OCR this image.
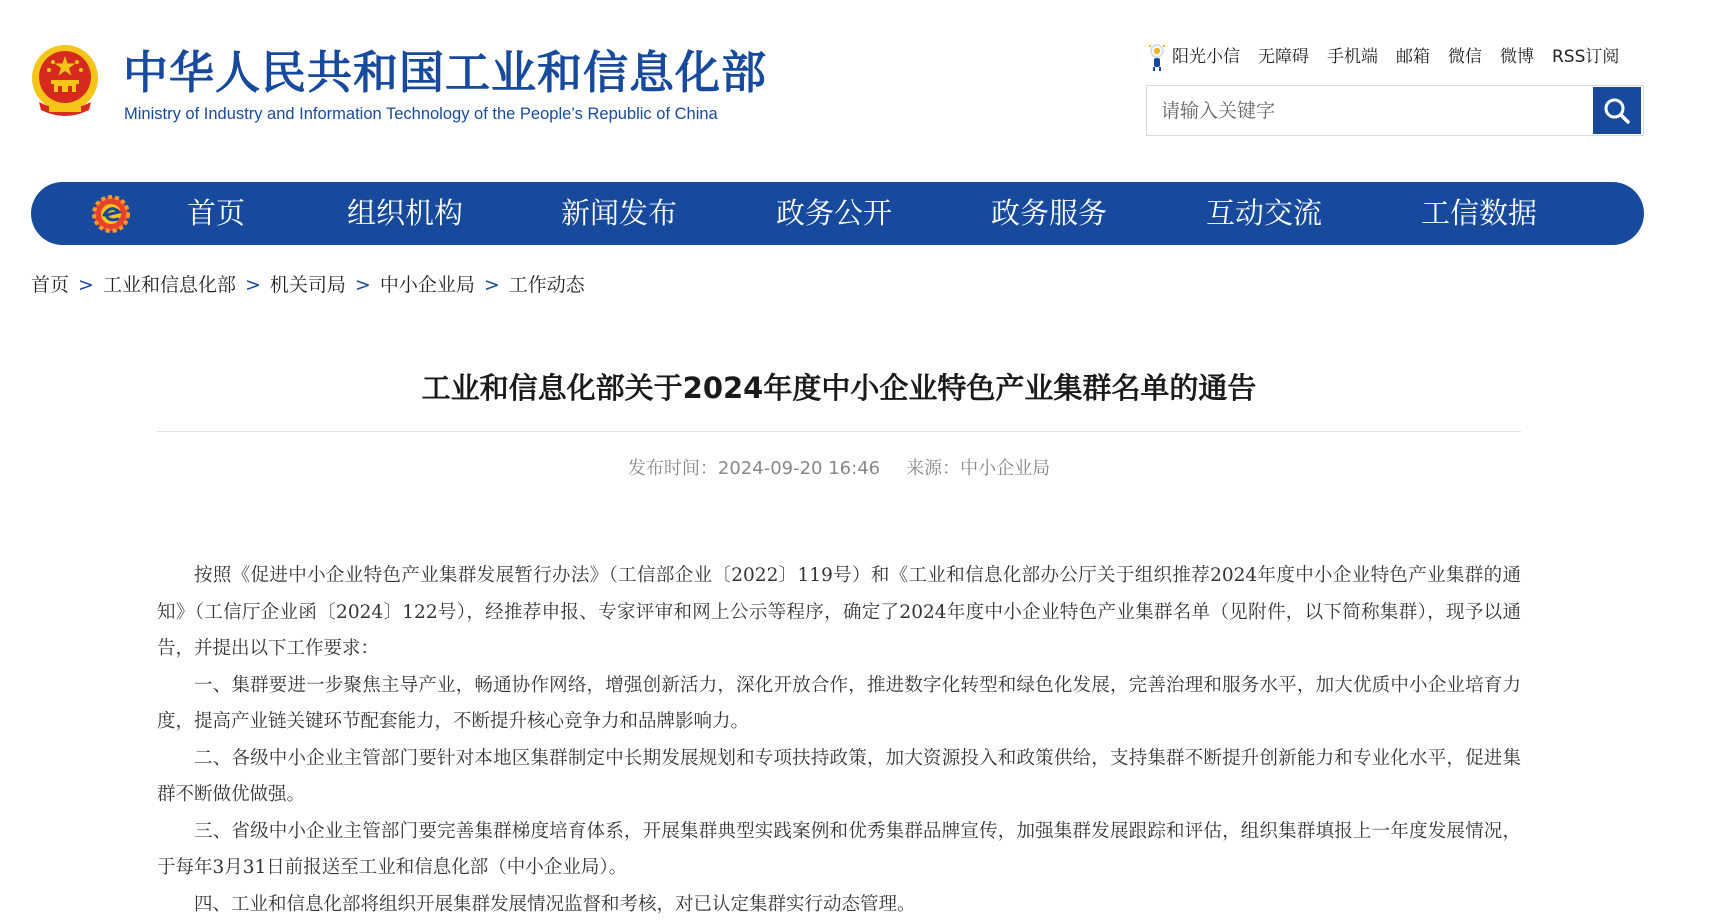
中华人民共和国工业和信息化部
Ministry of Industry and Information Technology of the People’s Republic of China
阳光小信 无障碍 手机端 邮箱 微信 微博 RSS订阅
请输入关键字
首页	组织机构	新闻发布	政务公开	政务服务	互动交流	工信数据
首页 > 工业和信息化部 > 机关司局 > 中小企业局 > 工作动态
工业和信息化部关于2024年度中小企业特色产业集群名单的通告
发布时间：2024-09-20 16:46 来源：中小企业局

按照《促进中小企业特色产业集群发展暂行办法》（工信部企业〔2022〕119号）和《工业和信息化部办公厅关于组织推荐2024年度中小企业特色产业集群的通知》（工信厅企业函〔2024〕122号），经推荐申报、专家评审和网上公示等程序，确定了2024年度中小企业特色产业集群名单（见附件，以下简称集群），现予以通告，并提出以下工作要求：

一、集群要进一步聚焦主导产业，畅通协作网络，增强创新活力，深化开放合作，推进数字化转型和绿色化发展，完善治理和服务水平，加大优质中小企业培育力度，提高产业链关键环节配套能力，不断提升核心竞争力和品牌影响力。

二、各级中小企业主管部门要针对本地区集群制定中长期发展规划和专项扶持政策，加大资源投入和政策供给，支持集群不断提升创新能力和专业化水平，促进集群不断做优做强。

三、省级中小企业主管部门要完善集群梯度培育体系，开展集群典型实践案例和优秀集群品牌宣传，加强集群发展跟踪和评估，组织集群填报上一年度发展情况，于每年3月31日前报送至工业和信息化部（中小企业局）。

四、工业和信息化部将组织开展集群发展情况监督和考核，对已认定集群实行动态管理。
